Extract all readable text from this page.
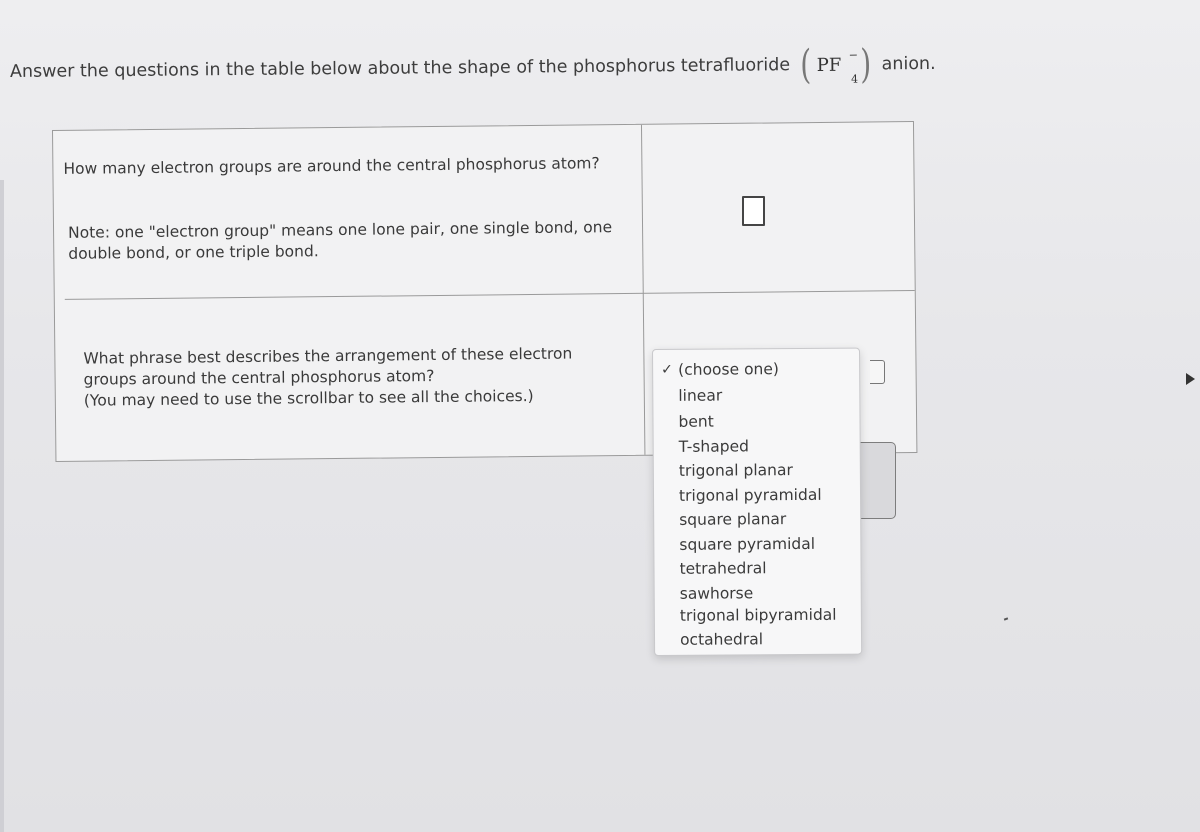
Answer the questions in the table below about the shape of the phosphorus tetrafluoride ( PF −
4 ) anion.
How many electron groups are around the central phosphorus atom?
Note: one "electron group" means one lone pair, one single bond, one double bond, or one triple bond.
What phrase best describes the arrangement of these electron groups around the central phosphorus atom?
(You may need to use the scrollbar to see all the choices.)
✓ (choose one)
linear
bent
T-shaped
trigonal planar
trigonal pyramidal
square planar
square pyramidal
tetrahedral
sawhorse
trigonal bipyramidal
octahedral
